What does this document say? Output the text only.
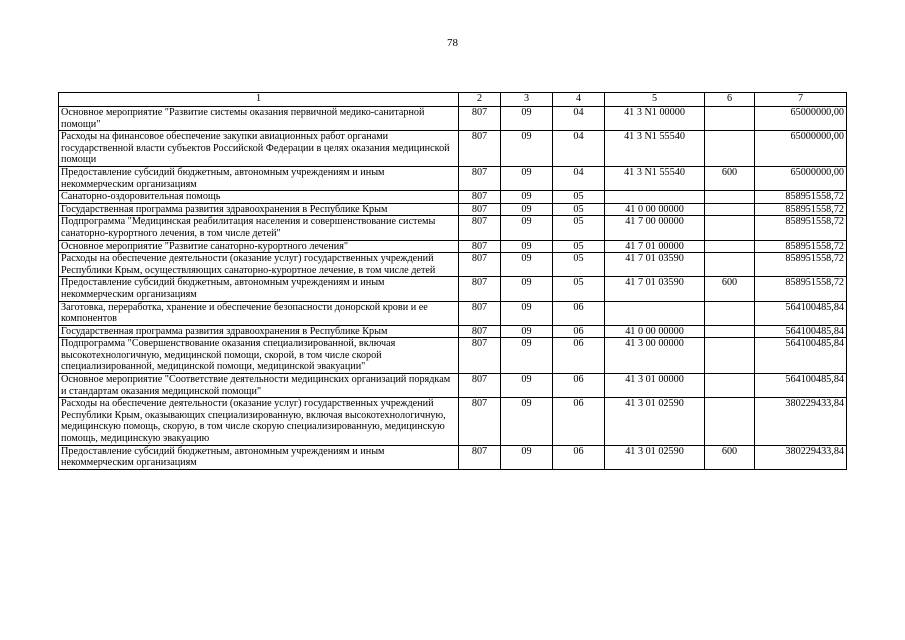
78
1	2	3	4	5	6	7
Основное мероприятие "Развитие системы оказания первичной медико-санитарной помощи"	807	09	04	41 3 N1 00000		65000000,00
Расходы на финансовое обеспечение закупки авиационных работ органами государственной власти субъектов Российской Федерации в целях оказания медицинской помощи	807	09	04	41 3 N1 55540		65000000,00
Предоставление субсидий бюджетным, автономным учреждениям и иным некоммерческим организациям	807	09	04	41 3 N1 55540	600	65000000,00
Санаторно-оздоровительная помощь	807	09	05			858951558,72
Государственная программа развития здравоохранения в Республике Крым	807	09	05	41 0 00 00000		858951558,72
Подпрограмма "Медицинская реабилитация населения и совершенствование системы санаторно-курортного лечения, в том числе детей"	807	09	05	41 7 00 00000		858951558,72
Основное мероприятие "Развитие санаторно-курортного лечения"	807	09	05	41 7 01 00000		858951558,72
Расходы на обеспечение деятельности (оказание услуг) государственных учреждений Республики Крым, осуществляющих санаторно-курортное лечение, в том числе детей	807	09	05	41 7 01 03590		858951558,72
Предоставление субсидий бюджетным, автономным учреждениям и иным некоммерческим организациям	807	09	05	41 7 01 03590	600	858951558,72
Заготовка, переработка, хранение и обеспечение безопасности донорской крови и ее компонентов	807	09	06			564100485,84
Государственная программа развития здравоохранения в Республике Крым	807	09	06	41 0 00 00000		564100485,84
Подпрограмма "Совершенствование оказания специализированной, включая высокотехнологичную, медицинской помощи, скорой, в том числе скорой специализированной, медицинской помощи, медицинской эвакуации"	807	09	06	41 3 00 00000		564100485,84
Основное мероприятие "Соответствие деятельности медицинских организаций порядкам и стандартам оказания медицинской помощи"	807	09	06	41 3 01 00000		564100485,84
Расходы на обеспечение деятельности (оказание услуг) государственных учреждений Республики Крым, оказывающих специализированную, включая высокотехнологичную, медицинскую помощь, скорую, в том числе скорую специализированную, медицинскую помощь, медицинскую эвакуацию	807	09	06	41 3 01 02590		380229433,84
Предоставление субсидий бюджетным, автономным учреждениям и иным некоммерческим организациям	807	09	06	41 3 01 02590	600	380229433,84
